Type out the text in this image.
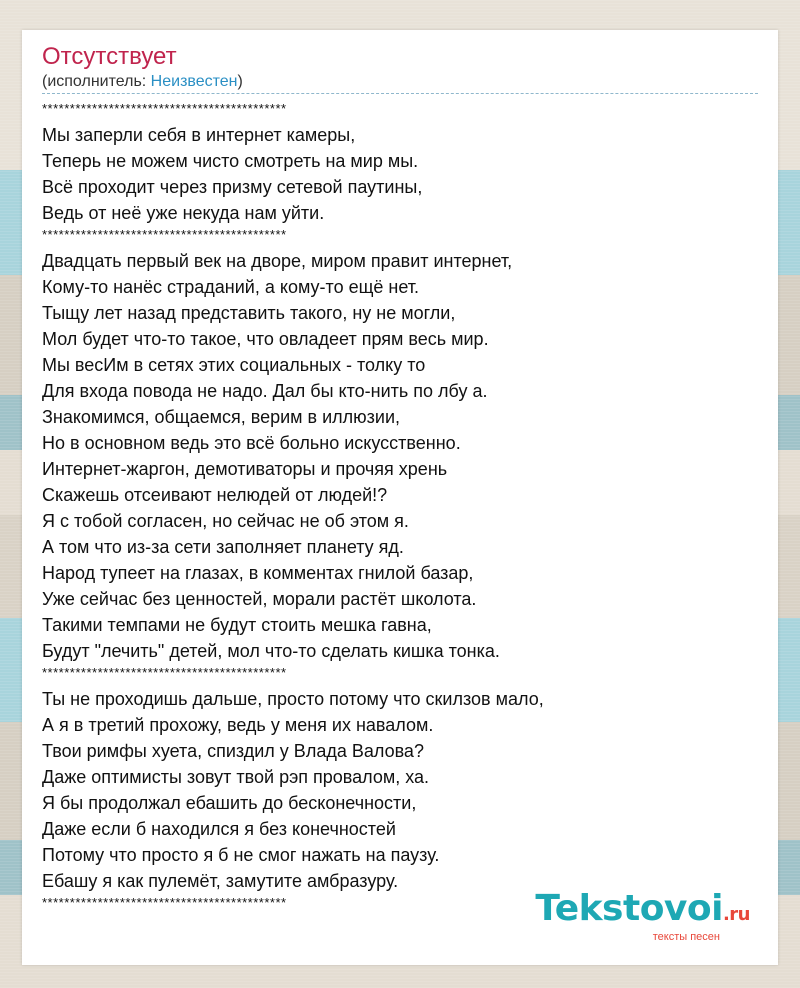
Отсутствует
(исполнитель: Неизвестен)
********************************************
Мы заперли себя в интернет камеры,
Теперь не можем чисто смотреть на мир мы.
Всё проходит через призму сетевой паутины,
Ведь от неё уже некуда нам уйти.
********************************************
Двадцать первый век на дворе, миром правит интернет,
Кому-то нанёс страданий, а кому-то ещё нет.
Тыщу лет назад представить такого, ну не могли,
Мол будет что-то такое, что овладеет прям весь мир.
Мы весИм в сетях этих социальных - толку то
Для входа повода не надо. Дал бы кто-нить по лбу а.
Знакомимся, общаемся, верим в иллюзии,
Но в основном ведь это всё больно искусственно.
Интернет-жаргон, демотиваторы и прочяя хрень
Скажешь отсеивают нелюдей от людей!?
Я с тобой согласен, но сейчас не об этом я.
А том что из-за сети заполняет планету яд.
Народ тупеет на глазах, в комментах гнилой базар,
Уже сейчас без ценностей, морали растёт школота.
Такими темпами не будут стоить мешка гавна,
Будут "лечить" детей, мол что-то сделать кишка тонка.
********************************************
Ты не проходишь дальше, просто потому что скилзов мало,
А я в третий прохожу, ведь у меня их навалом.
Твои римфы хуета, спиздил у Влада Валова?
Даже оптимисты зовут твой рэп провалом, ха.
Я бы продолжал ебашить до бесконечности,
Даже если б находился я без конечностей
Потому что просто я б не смог нажать на паузу.
Ебашу я как пулемёт, замутите амбразуру.
********************************************	Tekstovoi.ru
тексты песен
